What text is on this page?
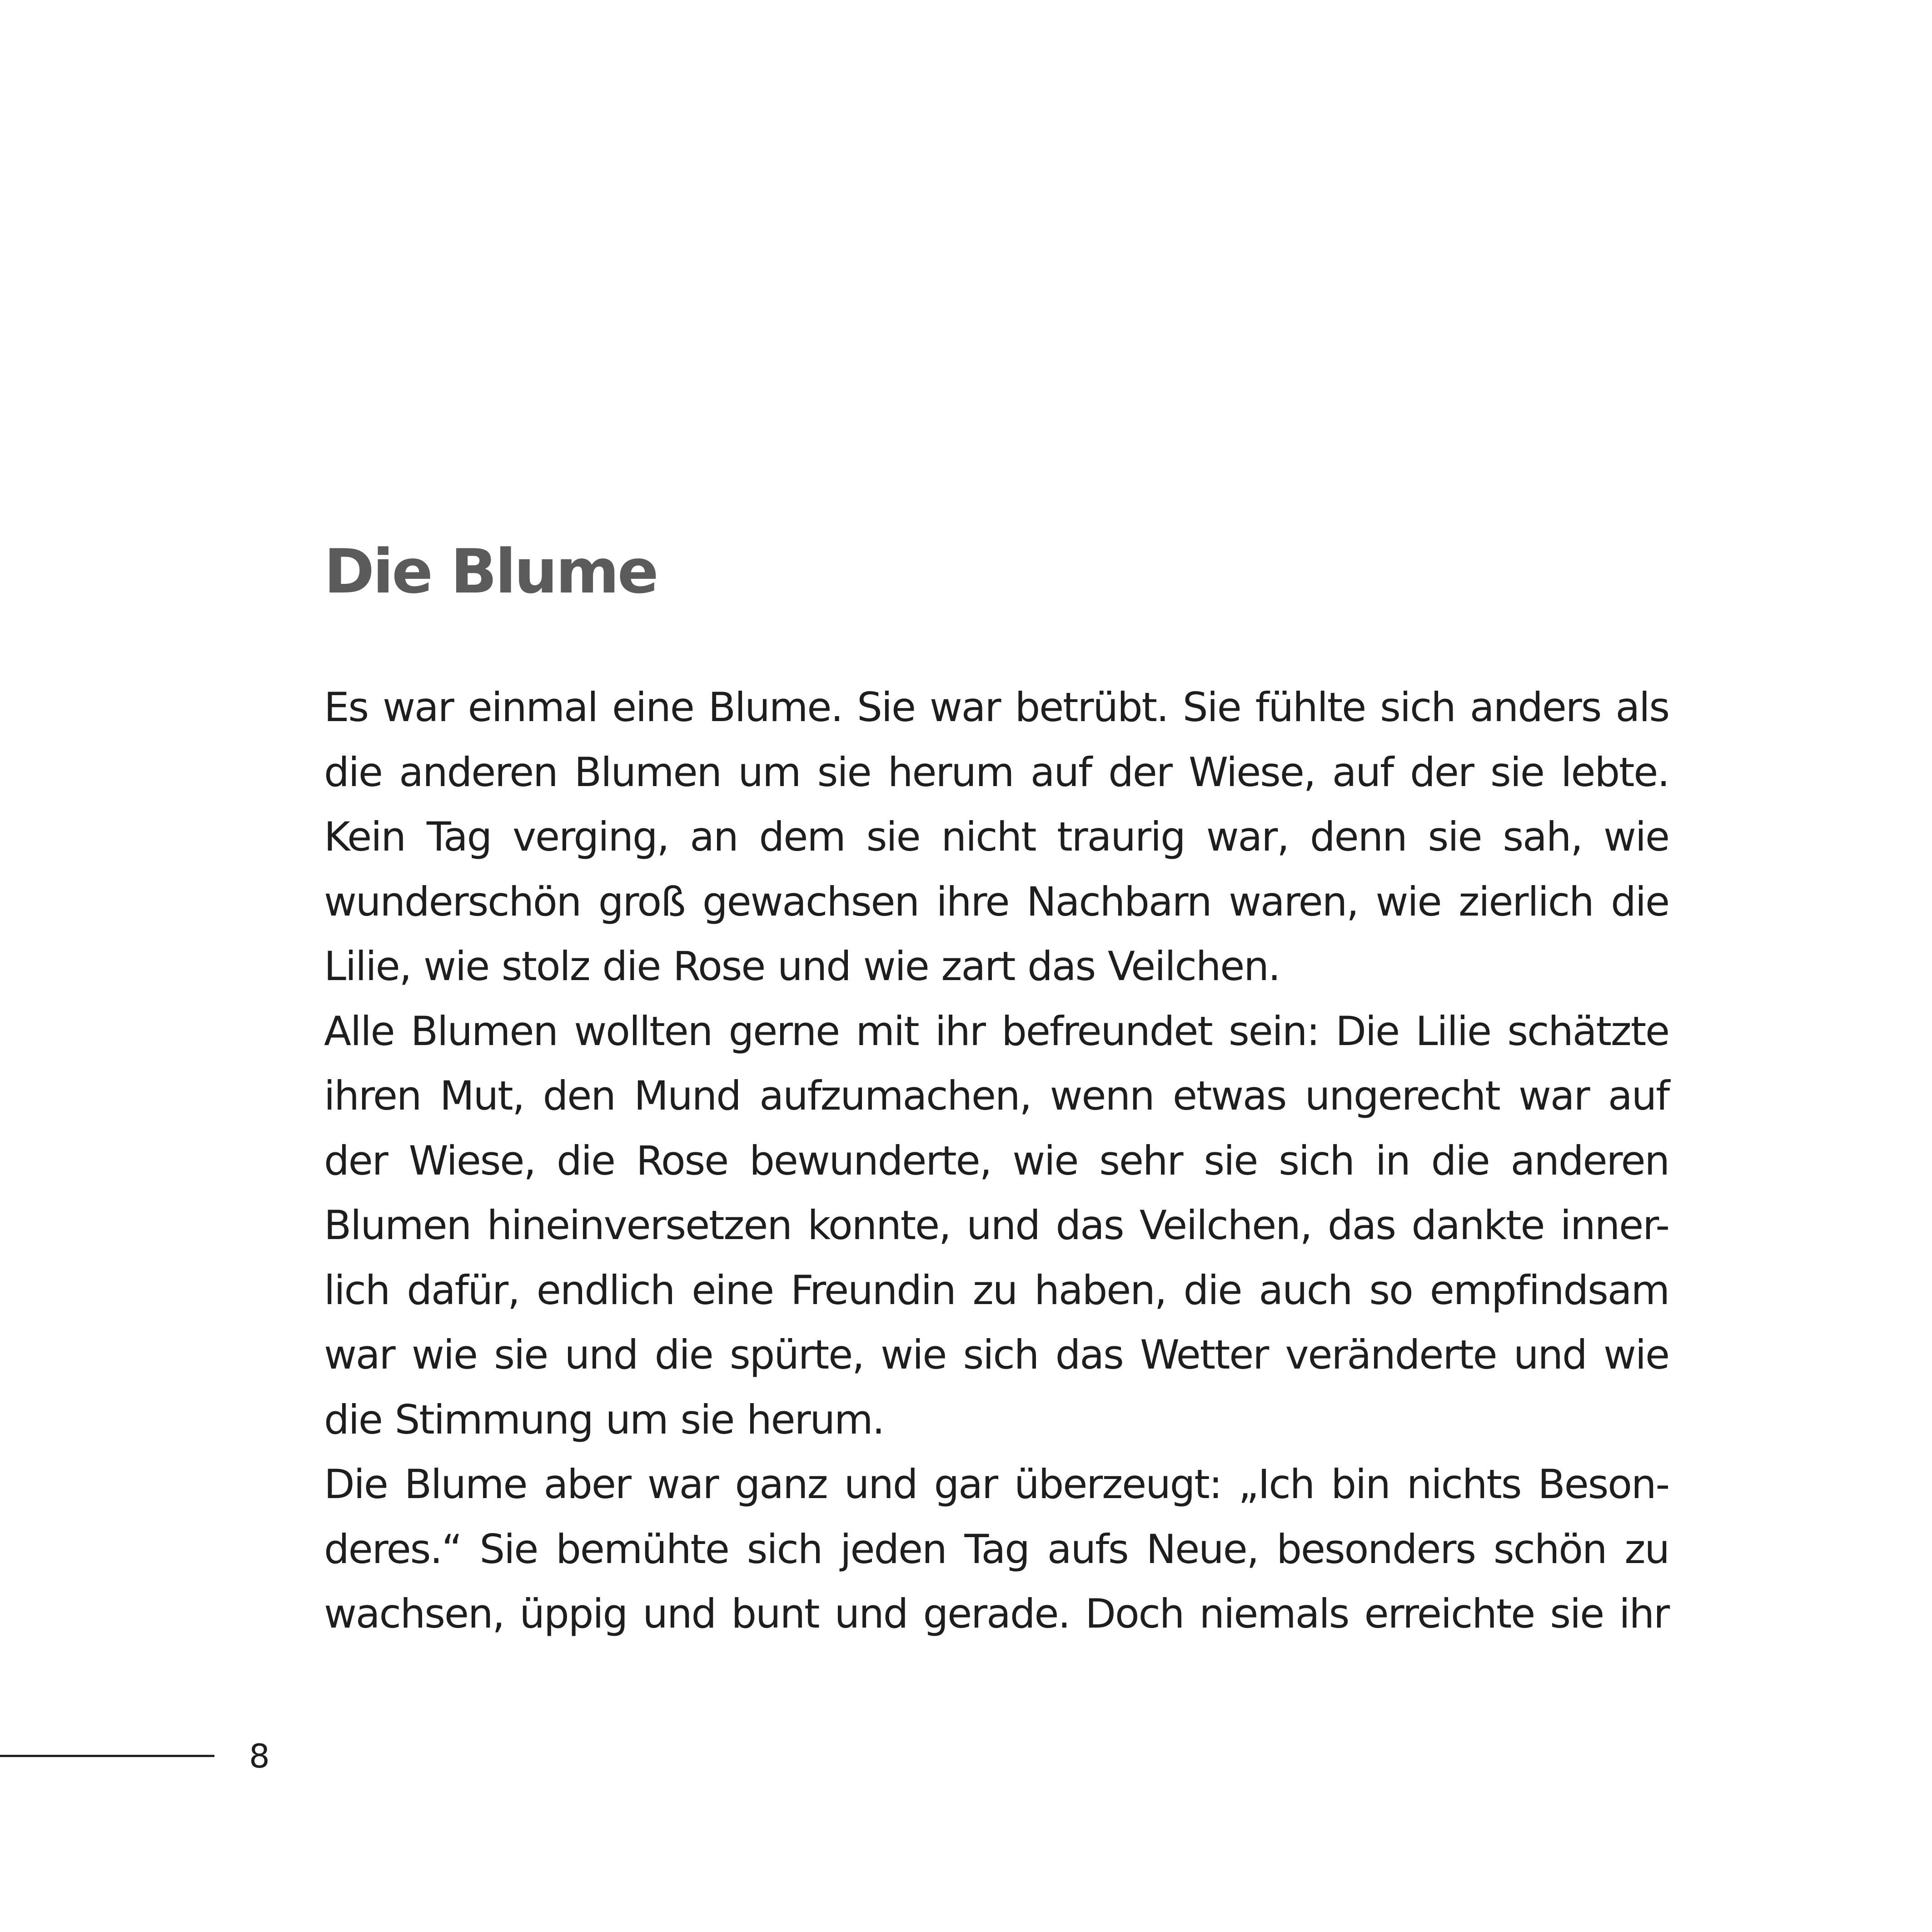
Die Blume
Es war einmal eine Blume. Sie war betrübt. Sie fühlte sich anders als
die anderen Blumen um sie herum auf der Wiese, auf der sie lebte.
Kein Tag verging, an dem sie nicht traurig war, denn sie sah, wie
wunderschön groß gewachsen ihre Nachbarn waren, wie zierlich die
Lilie, wie stolz die Rose und wie zart das Veilchen.
Alle Blumen wollten gerne mit ihr befreundet sein: Die Lilie schätzte
ihren Mut, den Mund aufzumachen, wenn etwas ungerecht war auf
der Wiese, die Rose bewunderte, wie sehr sie sich in die anderen
Blumen hineinversetzen konnte, und das Veilchen, das dankte inner-
lich dafür, endlich eine Freundin zu haben, die auch so empfindsam
war wie sie und die spürte, wie sich das Wetter veränderte und wie
die Stimmung um sie herum.
Die Blume aber war ganz und gar überzeugt: „Ich bin nichts Beson-
deres.“ Sie bemühte sich jeden Tag aufs Neue, besonders schön zu
wachsen, üppig und bunt und gerade. Doch niemals erreichte sie ihr
8
